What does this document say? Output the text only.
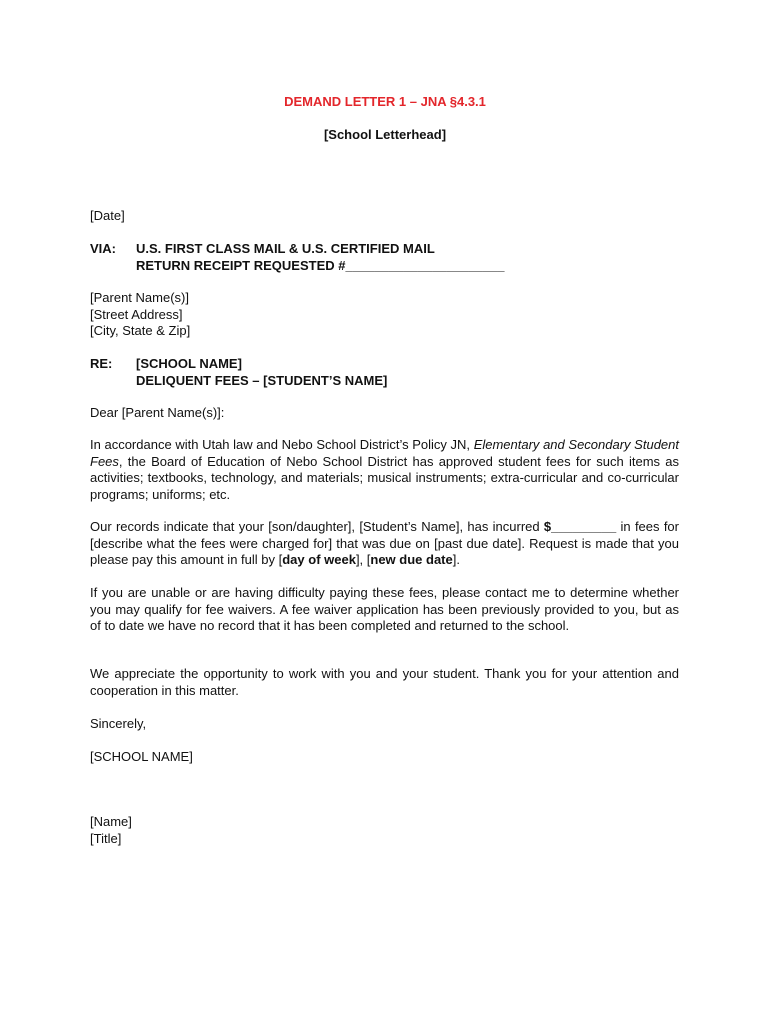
DEMAND LETTER 1 – JNA §4.3.1
[School Letterhead]
[Date]
VIA: U.S. FIRST CLASS MAIL & U.S. CERTIFIED MAIL
RETURN RECEIPT REQUESTED #______________________
[Parent Name(s)]
[Street Address]
[City, State & Zip]
RE: [SCHOOL NAME]
DELIQUENT FEES – [STUDENT’S NAME]
Dear [Parent Name(s)]:
In accordance with Utah law and Nebo School District’s Policy JN, Elementary and Secondary Student Fees, the Board of Education of Nebo School District has approved student fees for such items as activities; textbooks, technology, and materials; musical instruments; extra-curricular and co-curricular programs; uniforms; etc.
Our records indicate that your [son/daughter], [Student’s Name], has incurred $_________ in fees for [describe what the fees were charged for] that was due on [past due date]. Request is made that you please pay this amount in full by [day of week], [new due date].
If you are unable or are having difficulty paying these fees, please contact me to determine whether you may qualify for fee waivers. A fee waiver application has been previously provided to you, but as of to date we have no record that it has been completed and returned to the school.
We appreciate the opportunity to work with you and your student. Thank you for your attention and cooperation in this matter.
Sincerely,
[SCHOOL NAME]
[Name]
[Title]
